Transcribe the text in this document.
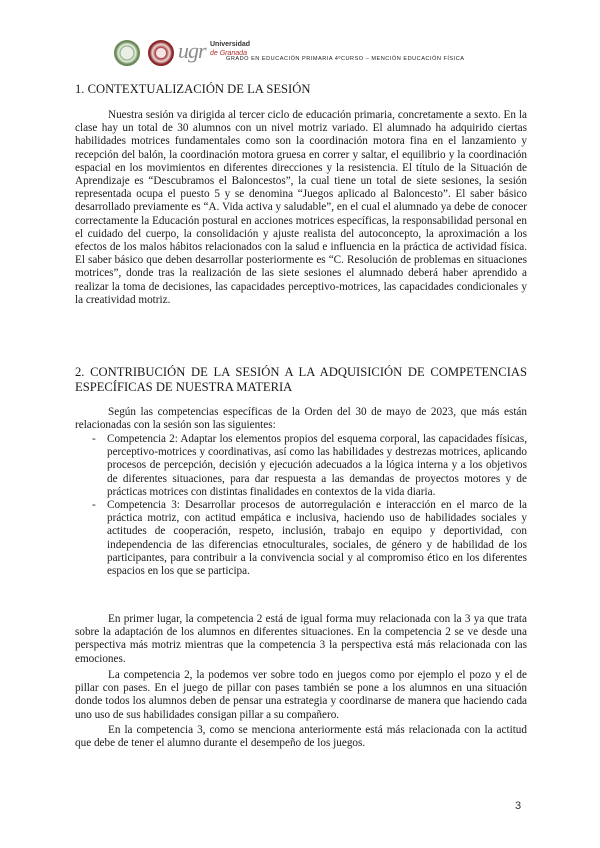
ugr Universidad
de Granada
GRADO EN EDUCACIÓN PRIMARIA 4ºCURSO – MENCIÓN EDUCACIÓN FÍSICA
1. CONTEXTUALIZACIÓN DE LA SESIÓN

Nuestra sesión va dirigida al tercer ciclo de educación primaria, concretamente a sexto. En la clase hay un total de 30 alumnos con un nivel motriz variado. El alumnado ha adquirido ciertas habilidades motrices fundamentales como son la coordinación motora fina en el lanzamiento y recepción del balón, la coordinación motora gruesa en correr y saltar, el equilibrio y la coordinación espacial en los movimientos en diferentes direcciones y la resistencia. El título de la Situación de Aprendizaje es “Descubramos el Baloncestos”, la cual tiene un total de siete sesiones, la sesión representada ocupa el puesto 5 y se denomina “Juegos aplicado al Baloncesto”. El saber básico desarrollado previamente es “A. Vida activa y saludable”, en el cual el alumnado ya debe de conocer correctamente la Educación postural en acciones motrices específicas, la responsabilidad personal en el cuidado del cuerpo, la consolidación y ajuste realista del autoconcepto, la aproximación a los efectos de los malos hábitos relacionados con la salud e influencia en la práctica de actividad física. El saber básico que deben desarrollar posteriormente es “C. Resolución de problemas en situaciones motrices”, donde tras la realización de las siete sesiones el alumnado deberá haber aprendido a realizar la toma de decisiones, las capacidades perceptivo-motrices, las capacidades condicionales y la creatividad motriz.

2. CONTRIBUCIÓN DE LA SESIÓN A LA ADQUISICIÓN DE COMPETENCIAS ESPECÍFICAS DE NUESTRA MATERIA

Según las competencias específicas de la Orden del 30 de mayo de 2023, que más están relacionadas con la sesión son las siguientes:

- Competencia 2: Adaptar los elementos propios del esquema corporal, las capacidades físicas, perceptivo-motrices y coordinativas, así como las habilidades y destrezas motrices, aplicando procesos de percepción, decisión y ejecución adecuados a la lógica interna y a los objetivos de diferentes situaciones, para dar respuesta a las demandas de proyectos motores y de prácticas motrices con distintas finalidades en contextos de la vida diaria.
- Competencia 3: Desarrollar procesos de autorregulación e interacción en el marco de la práctica motriz, con actitud empática e inclusiva, haciendo uso de habilidades sociales y actitudes de cooperación, respeto, inclusión, trabajo en equipo y deportividad, con independencia de las diferencias etnoculturales, sociales, de género y de habilidad de los participantes, para contribuir a la convivencia social y al compromiso ético en los diferentes espacios en los que se participa.

En primer lugar, la competencia 2 está de igual forma muy relacionada con la 3 ya que trata sobre la adaptación de los alumnos en diferentes situaciones. En la competencia 2 se ve desde una perspectiva más motriz mientras que la competencia 3 la perspectiva está más relacionada con las emociones.

La competencia 2, la podemos ver sobre todo en juegos como por ejemplo el pozo y el de pillar con pases. En el juego de pillar con pases también se pone a los alumnos en una situación donde todos los alumnos deben de pensar una estrategia y coordinarse de manera que haciendo cada uno uso de sus habilidades consigan pillar a su compañero.

En la competencia 3, como se menciona anteriormente está más relacionada con la actitud que debe de tener el alumno durante el desempeño de los juegos.

3
